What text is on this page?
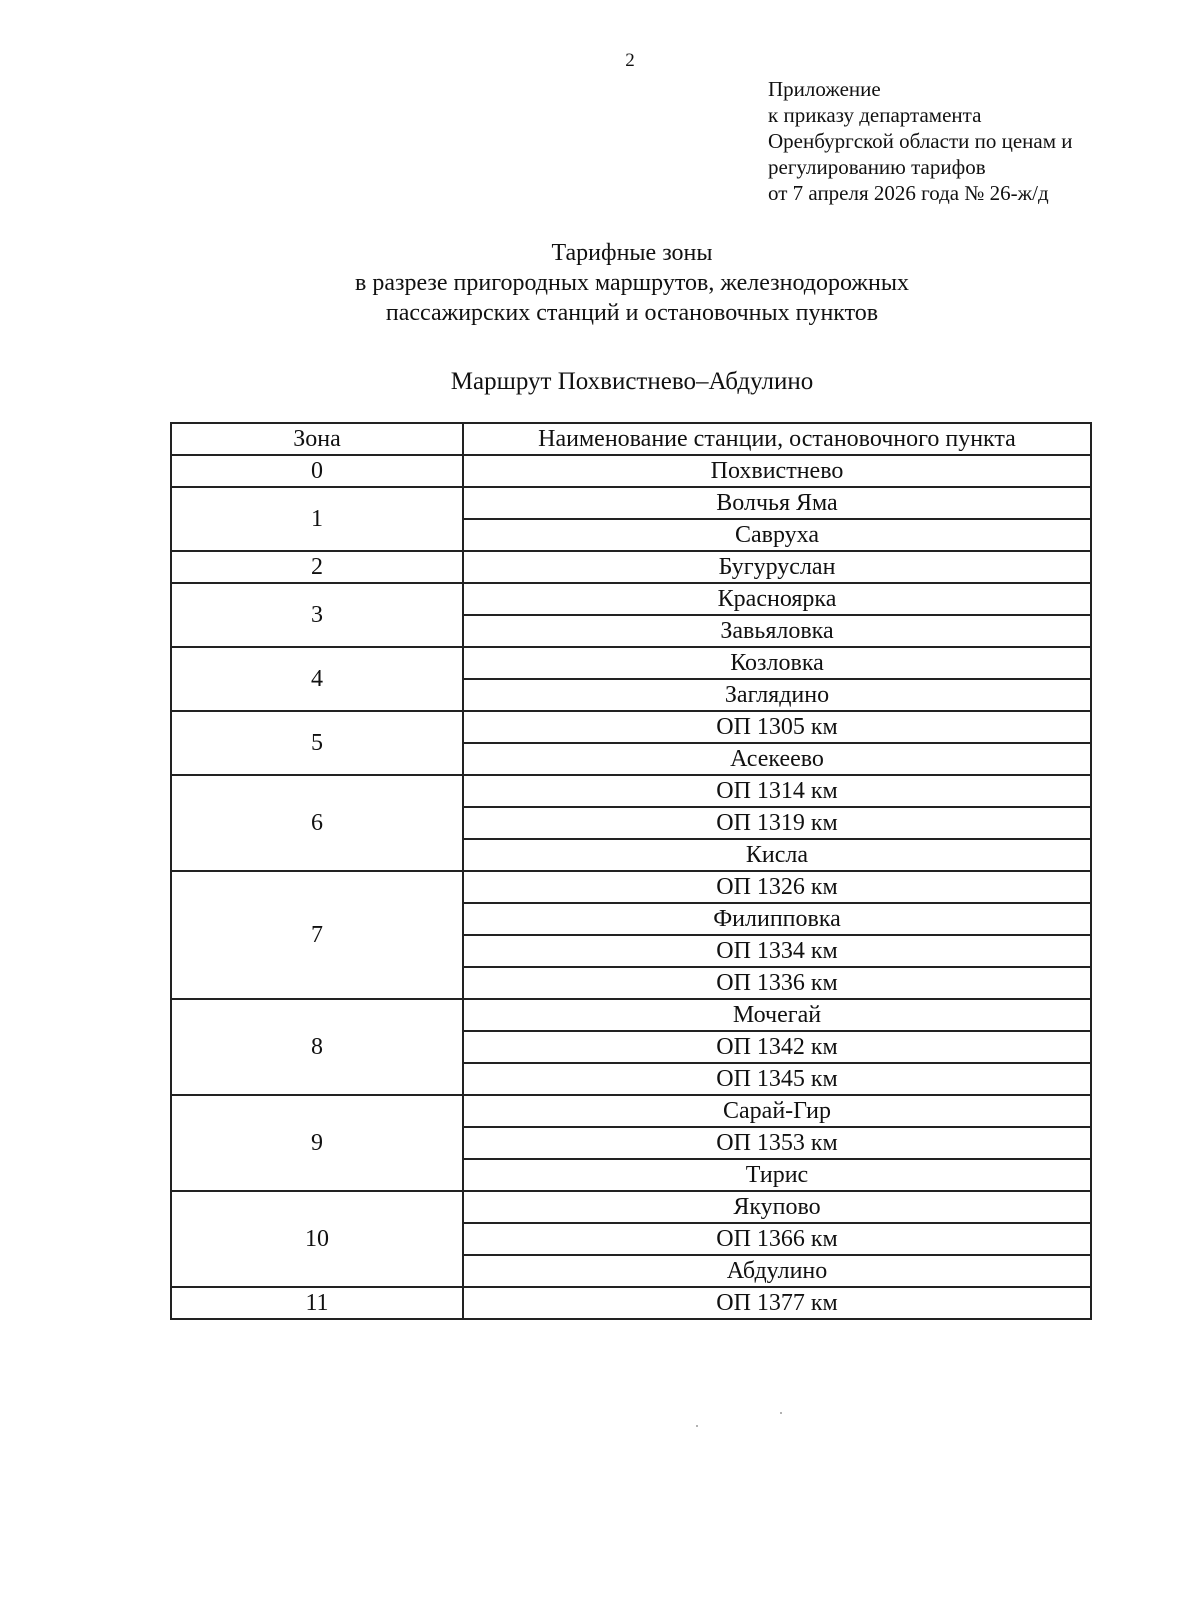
2
Приложение
к приказу департамента
Оренбургской области по ценам и
регулированию тарифов
от 7 апреля 2026 года № 26-ж/д
Тарифные зоны
в разрезе пригородных маршрутов, железнодорожных
пассажирских станций и остановочных пунктов
Маршрут Похвистнево–Абдулино
Зона	Наименование станции, остановочного пункта
0	Похвистнево
1	Волчья Яма
	Савруха
2	Бугуруслан
3	Красноярка
	Завьяловка
4	Козловка
	Заглядино
5	ОП 1305 км
	Асекеево
6	ОП 1314 км
	ОП 1319 км
	Кисла
7	ОП 1326 км
	Филипповка
	ОП 1334 км
	ОП 1336 км
8	Мочегай
	ОП 1342 км
	ОП 1345 км
9	Сарай-Гир
	ОП 1353 км
	Тирис
10	Якупово
	ОП 1366 км
	Абдулино
11	ОП 1377 км
